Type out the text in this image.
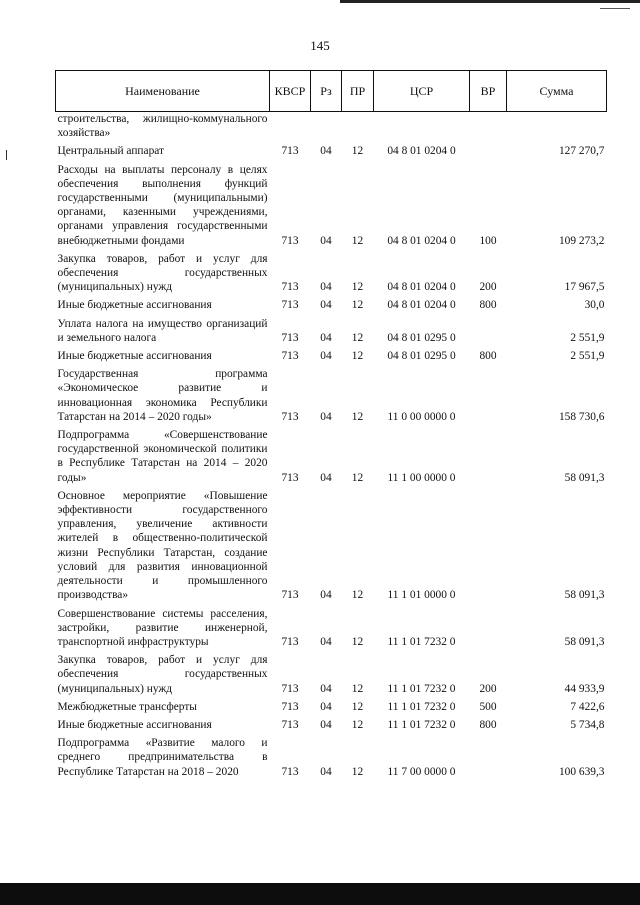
145
Наименование	КВСР	Рз	ПР	ЦСР	ВР	Сумма
строительства, жилищно-коммунального хозяйства»						
Центральный аппарат	713	04	12	04 8 01 0204 0		127 270,7
Расходы на выплаты персоналу в целях обеспечения выполнения функций государственными (муниципальными) органами, казенными учреждениями, органами управления государственными внебюджетными фондами	713	04	12	04 8 01 0204 0	100	109 273,2
Закупка товаров, работ и услуг для обеспечения государственных (муниципальных) нужд	713	04	12	04 8 01 0204 0	200	17 967,5
Иные бюджетные ассигнования	713	04	12	04 8 01 0204 0	800	30,0
Уплата налога на имущество организаций и земельного налога	713	04	12	04 8 01 0295 0		2 551,9
Иные бюджетные ассигнования	713	04	12	04 8 01 0295 0	800	2 551,9
Государственная программа «Экономическое развитие и инновационная экономика Республики Татарстан на 2014 – 2020 годы»	713	04	12	11 0 00 0000 0		158 730,6
Подпрограмма «Совершенствование государственной экономической политики в Республике Татарстан на 2014 – 2020 годы»	713	04	12	11 1 00 0000 0		58 091,3
Основное мероприятие «Повышение эффективности государственного управления, увеличение активности жителей в общественно-политической жизни Республики Татарстан, создание условий для развития инновационной деятельности и промышленного производства»	713	04	12	11 1 01 0000 0		58 091,3
Совершенствование системы расселения, застройки, развитие инженерной, транспортной инфраструктуры	713	04	12	11 1 01 7232 0		58 091,3
Закупка товаров, работ и услуг для обеспечения государственных (муниципальных) нужд	713	04	12	11 1 01 7232 0	200	44 933,9
Межбюджетные трансферты	713	04	12	11 1 01 7232 0	500	7 422,6
Иные бюджетные ассигнования	713	04	12	11 1 01 7232 0	800	5 734,8
Подпрограмма «Развитие малого и среднего предпринимательства в Республике Татарстан на 2018 – 2020	713	04	12	11 7 00 0000 0		100 639,3
